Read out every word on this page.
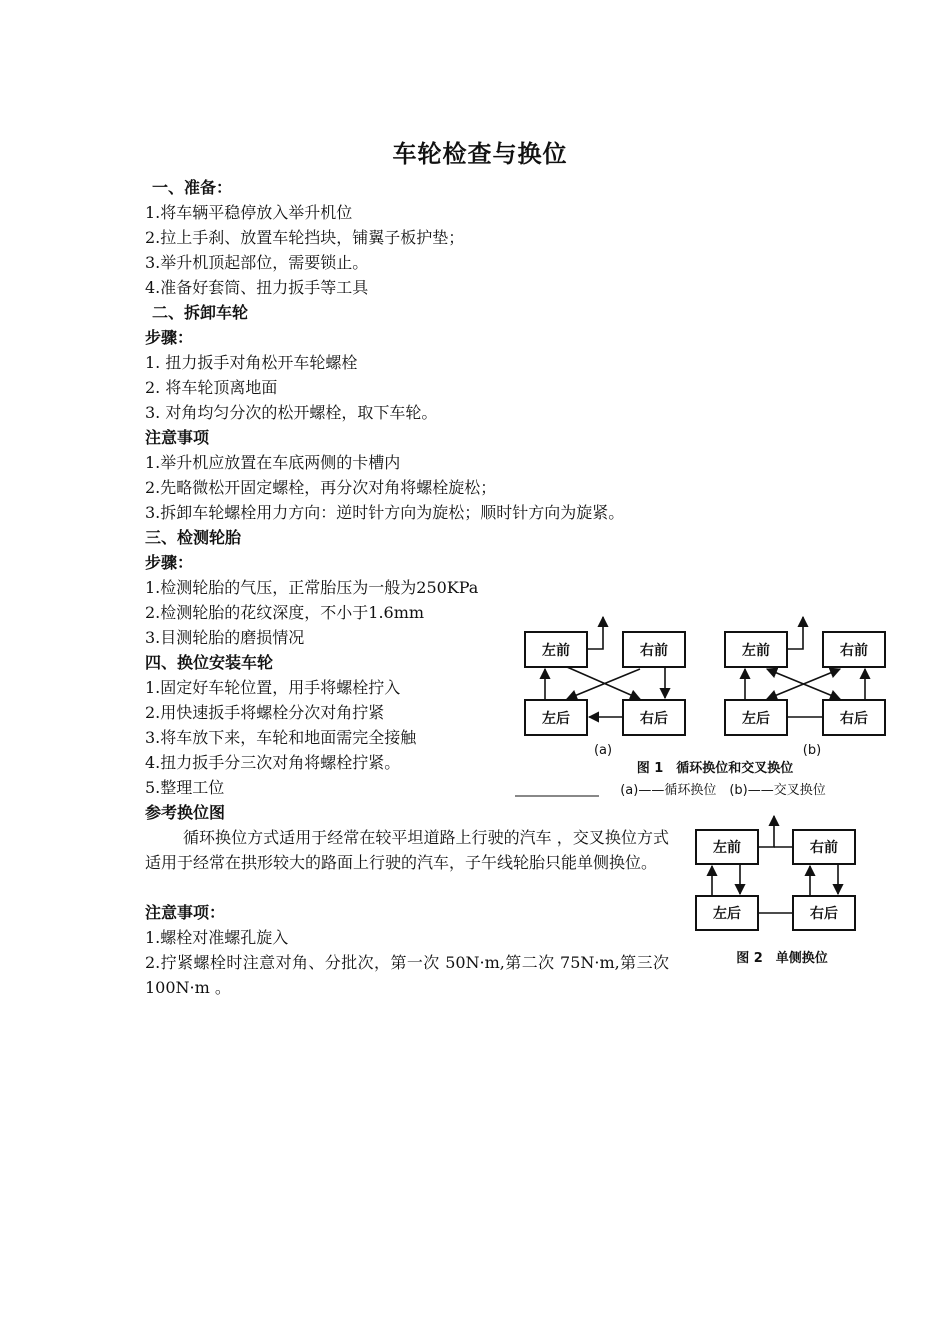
车轮检查与换位
一、准备：
1.将车辆平稳停放入举升机位
2.拉上手刹、放置车轮挡块，铺翼子板护垫；
3.举升机顶起部位，需要锁止。
4.准备好套筒、扭力扳手等工具
二、拆卸车轮
步骤：
1. 扭力扳手对角松开车轮螺栓
2. 将车轮顶离地面
3. 对角均匀分次的松开螺栓，取下车轮。
注意事项
1.举升机应放置在车底两侧的卡槽内
2.先略微松开固定螺栓，再分次对角将螺栓旋松；
3.拆卸车轮螺栓用力方向：逆时针方向为旋松；顺时针方向为旋紧。
三、检测轮胎
步骤：
1.检测轮胎的气压，正常胎压为一般为250KPa
2.检测轮胎的花纹深度，不小于1.6mm
3.目测轮胎的磨损情况
四、换位安装车轮
1.固定好车轮位置，用手将螺栓拧入
2.用快速扳手将螺栓分次对角拧紧
3.将车放下来，车轮和地面需完全接触
4.扭力扳手分三次对角将螺栓拧紧。
5.整理工位
参考换位图
循环换位方式适用于经常在较平坦道路上行驶的汽车 ，交叉换位方式适用于经常在拱形较大的路面上行驶的汽车，子午线轮胎只能单侧换位。
注意事项：
1.螺栓对准螺孔旋入
2.拧紧螺栓时注意对角、分批次，第一次 50N·m,第二次 75N·m,第三次 100N·m 。
左前	右前
左后	右后
(a)
左前	右前
左后	右后
(b)
图 1　循环换位和交叉换位
(a)——循环换位　(b)——交叉换位
左前	右前
左后	右后
图 2　单侧换位
